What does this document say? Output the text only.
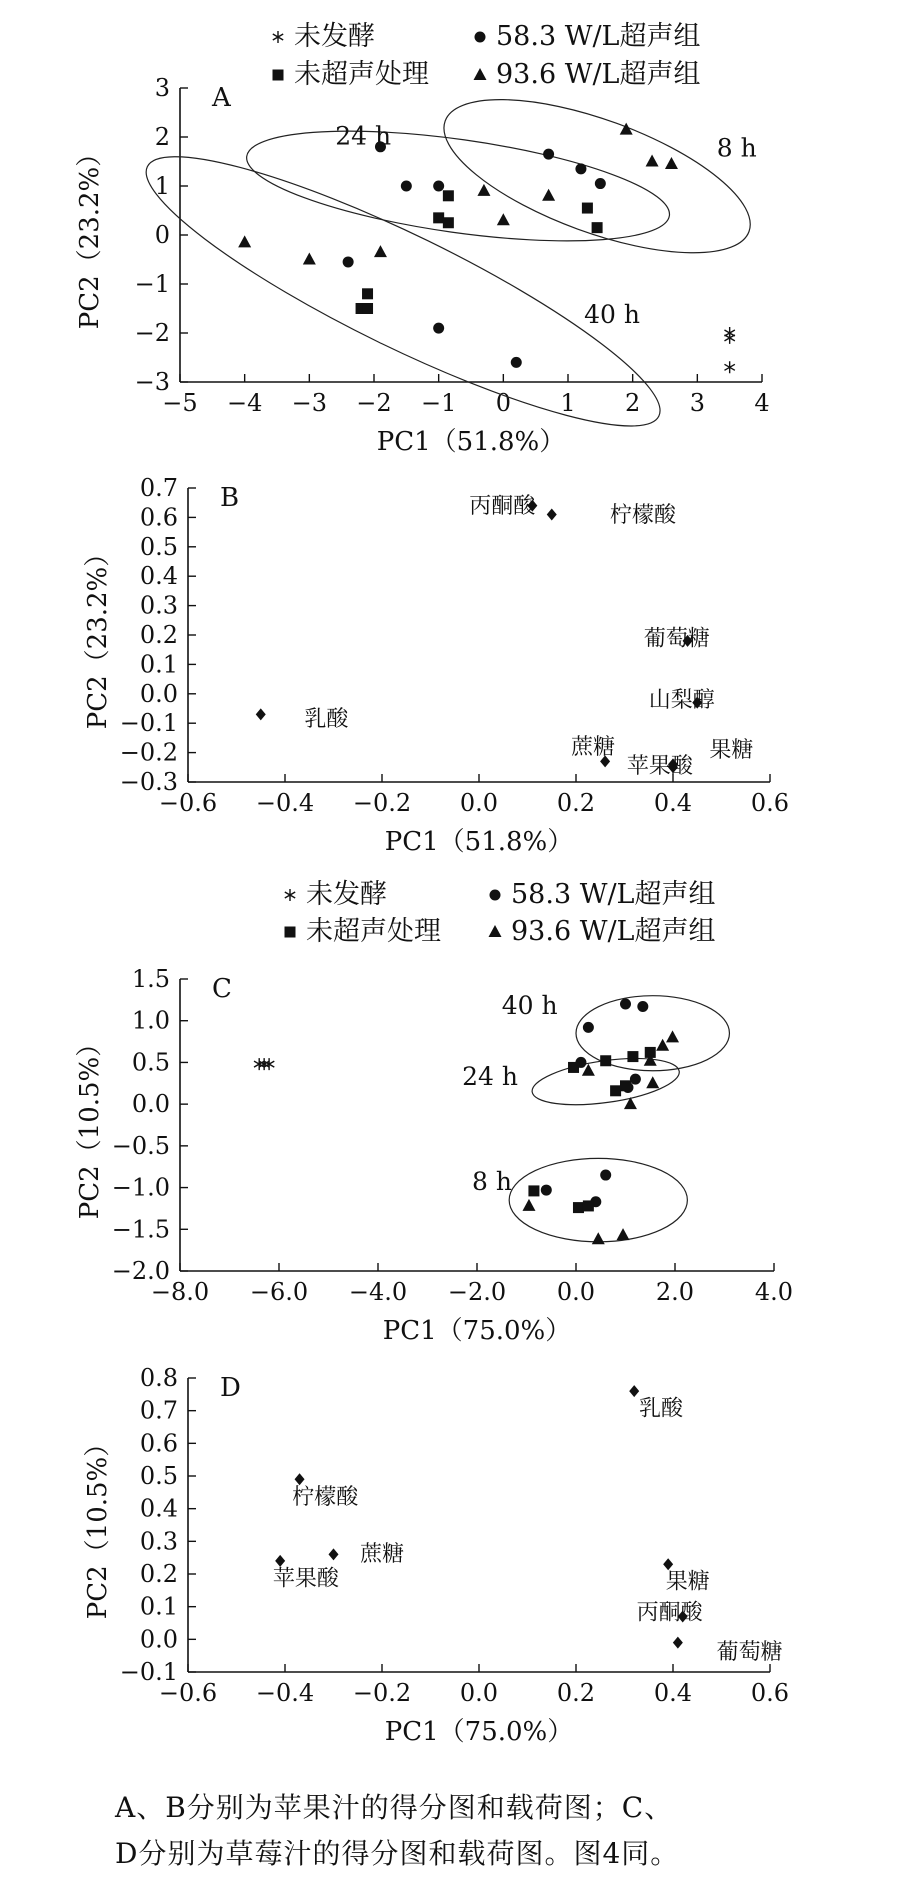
−3
−2
−1
0
1
2
3
−5 −4 −3 −2 −1 0 1 2 3 4
PC1（51.8%）
PC2（23.2%）
A
24 h	8 h
40 h
未发酵	58.3 W/L超声组
未超声处理 93.6 W/L超声组
−0.3
−0.2
−0.1
0.0
0.1
0.2
0.3
0.4
0.5
0.6
0.7
−0.6 −0.4 −0.2 0.0 0.2 0.4 0.6
PC1（51.8%）
PC2（23.2%）
B	丙酮酸	柠檬酸
葡萄糖
山梨醇
乳酸
蔗糖	果糖
苹果酸
−2.0
−1.5
−1.0
−0.5
0.0
0.5
1.0
1.5
−8.0 −6.0 −4.0 −2.0 0.0	2.0	4.0
PC1（75.0%）
PC2（10.5%）
C
40 h
24 h
8 h
未发酵	58.3 W/L超声组
未超声处理	93.6 W/L超声组
−0.1
0.0
0.1
0.2
0.3
0.4
0.5
0.6
0.7
0.8
−0.6 −0.4 −0.2 0.0 0.2 0.4 0.6
PC1（75.0%）
PC2（10.5%）
D
乳酸
柠檬酸
蔗糖
苹果酸	果糖
丙酮酸
葡萄糖
A、B分别为苹果汁的得分图和载荷图；C、
D分别为草莓汁的得分图和载荷图。图4同。
